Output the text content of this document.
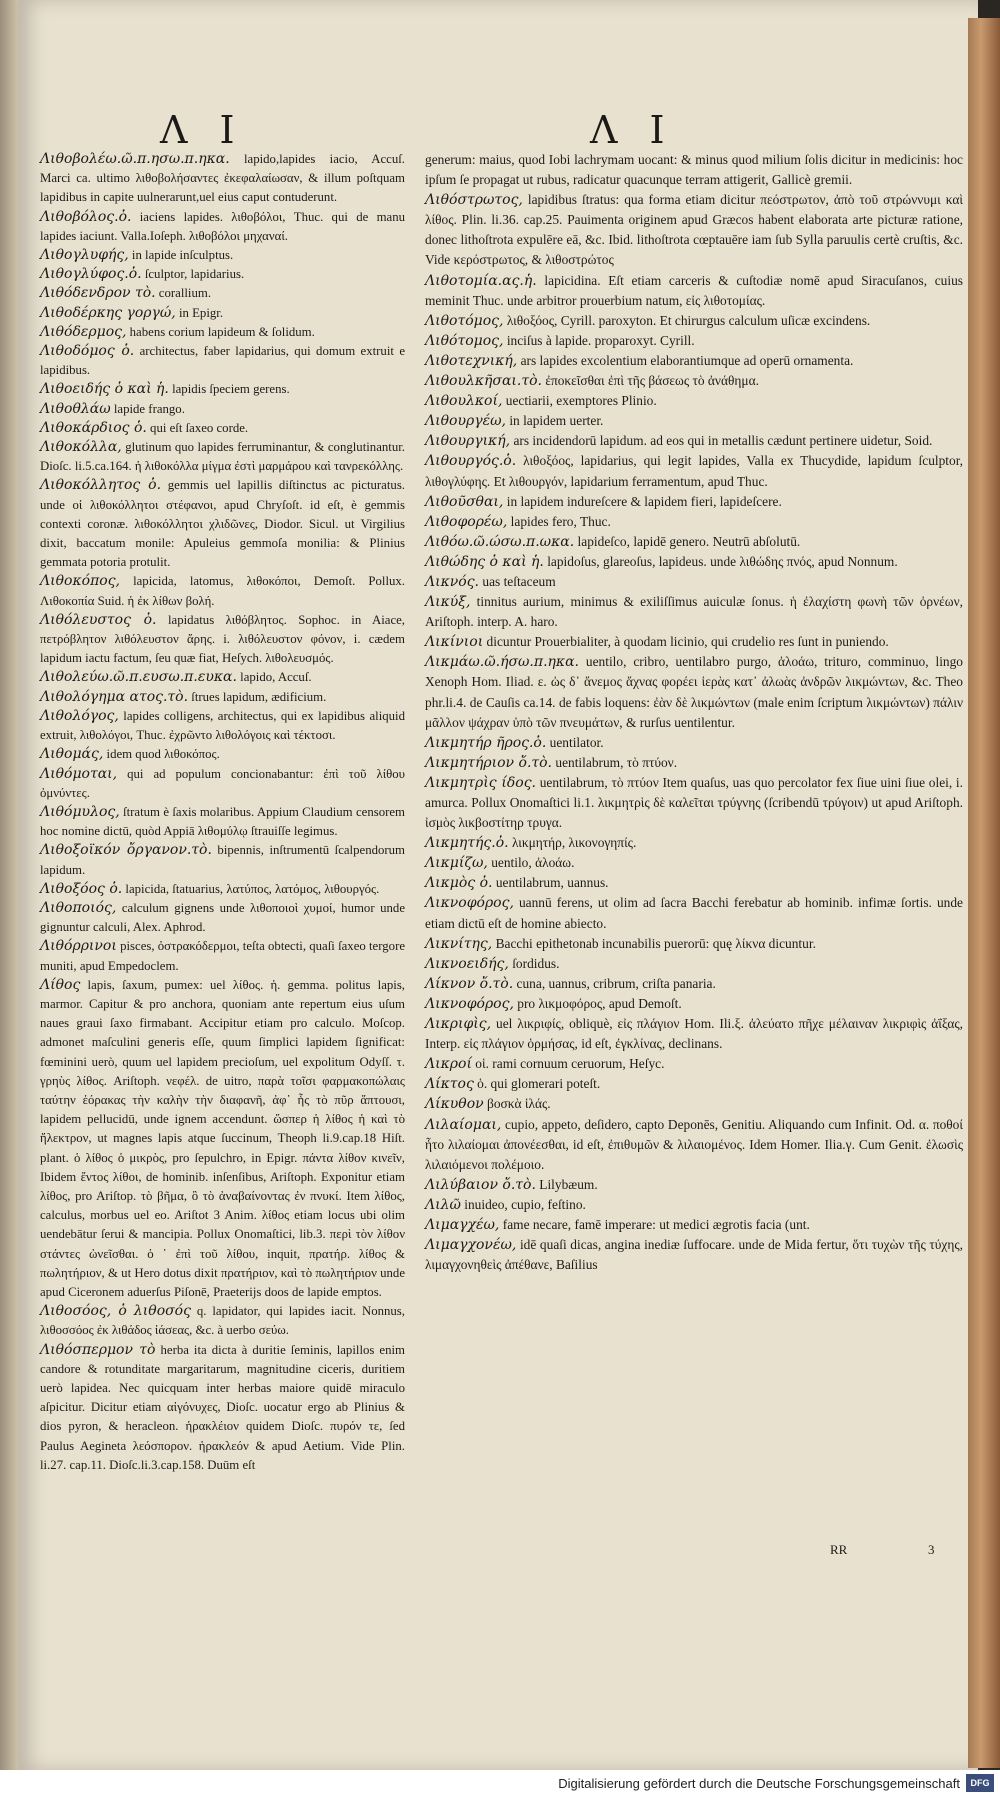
Λ Ι	Λ Ι

Λιθοβολέω.ῶ.π.ησω.π.ηκα. lapido,lapides iacio, Accuſ. Marci ca. ultimo λιθοβολήσαντες ἐκεφαλαίωσαν, & illum poſtquam lapidibus in capite uulnerarunt,uel eius caput contuderunt.

Λιθοβόλος.ὁ. iaciens lapides. λιθοβόλοι, Thuc. qui de manu lapides iaciunt. Valla.Ioſeph. λιθοβόλοι μηχαναί.

Λιθογλυφής, in lapide inſculptus.

Λιθογλύφος.ὁ. ſculptor, lapidarius.

Λιθόδενδρον τὸ. corallium.

Λιθοδέρκης γοργώ, in Epigr.

Λιθόδερμος, habens corium lapideum & ſolidum.

Λιθοδόμος ὁ. architectus, faber lapidarius, qui domum extruit e lapidibus.

Λιθοειδής ὁ καὶ ἡ. lapidis ſpeciem gerens.

Λιθοθλάω lapide frango.

Λιθοκάρδιος ὁ. qui eſt ſaxeo corde.

Λιθοκόλλα, glutinum quo lapides ferruminantur, & conglutinantur. Dioſc. li.5.ca.164. ἡ λιθοκόλλα μίγμα ἐστὶ μαρμάρου καὶ τανρεκόλλης.

Λιθοκόλλητος ὁ. gemmis uel lapillis diſtinctus ac picturatus. unde οἱ λιθοκόλλητοι στέφανοι, apud Chryſoſt. id eſt, è gemmis contexti coronæ. λιθοκόλλητοι χλιδῶνες, Diodor. Sicul. ut Virgilius dixit, baccatum monile: Apuleius gemmoſa monilia: & Plinius gemmata potoria protulit.

Λιθοκόπος, lapicida, latomus, λιθοκόποι, Demoſt. Pollux. Λιθοκοπία Suid. ἡ ἐκ λίθων βολή.

Λιθόλευστος ὁ. lapidatus λιθόβλητος. Sophoc. in Aiace, πετρόβλητον λιθόλευστον ἄρης. i. λιθόλευστον φόνον, i. cædem lapidum iactu factum, ſeu quæ fiat, Heſych. λιθολευσμός.

Λιθολεύω.ῶ.π.ευσω.π.ευκα. lapido, Accuſ.

Λιθολόγημα ατος.τὸ. ſtrues lapidum, ædificium.

Λιθολόγος, lapides colligens, architectus, qui ex lapidibus aliquid extruit, λιθολόγοι, Thuc. ἐχρῶντο λιθολόγοις καὶ τέκτοσι.

Λιθομάς, idem quod λιθοκόπος.

Λιθόμοται, qui ad populum concionabantur: ἐπὶ τοῦ λίθου ὀμνύντες.

Λιθόμυλος, ſtratum è ſaxis molaribus. Appium Claudium censorem hoc nomine dictū, quòd Appiā λιθομύλῳ ſtrauiſſe legimus.

Λιθοξοϊκόν ὄργανον.τὸ. bipennis, inſtrumentū ſcalpendorum lapidum.

Λιθοξόος ὁ. lapicida, ſtatuarius, λατύπος, λατόμος, λιθουργός.

Λιθοποιός, calculum gignens unde λιθοποιοὶ χυμοί, humor unde gignuntur calculi, Alex. Aphrod.

Λιθόρρινοι pisces, ὀστρακόδερμοι, teſta obtecti, quaſi ſaxeo tergore muniti, apud Empedoclem.

Λίθος lapis, ſaxum, pumex: uel λίθος. ἡ. gemma. politus lapis, marmor. Capitur & pro anchora, quoniam ante repertum eius uſum naues graui ſaxo firmabant. Accipitur etiam pro calculo. Moſcop. admonet maſculini generis eſſe, quum ſimplici lapidem ſignificat: fœminini uerò, quum uel lapidem precioſum, uel expolitum Odyſſ. τ. γρηὺς λίθος. Ariſtoph. νεφέλ. de uitro, παρὰ τοῖσι φαρμακοπώλαις ταύτην ἑόρακας τὴν καλὴν τὴν διαφανῆ, ἀφ᾽ ἧς τὸ πῦρ ἅπτουσι, lapidem pellucidū, unde ignem accendunt. ὥσπερ ἡ λίθος ἡ καὶ τὸ ἤλεκτρον, ut magnes lapis atque ſuccinum, Theoph li.9.cap.18 Hiſt. plant. ὁ λίθος ὁ μικρὸς, pro ſepulchro, in Epigr. πάντα λίθον κινεῖν, Ibidem ἔντος λίθοι, de hominib. inſenſibus, Ariſtoph. Exponitur etiam λίθος, pro Ariſtop. τὸ βῆμα, ὃ τὸ ἀναβαίνοντας ἐν πνυκί. Item λίθος, calculus, morbus uel eo. Ariſtot 3 Anim. λίθος etiam locus ubi olim uendebātur ſerui & mancipia. Pollux Onomaſtici, lib.3. περὶ τὸν λίθον στάντες ὠνεῖσθαι. ὁ ᾽ ἐπὶ τοῦ λίθου, inquit, πρατήρ. λίθος & πωλητήριον, & ut Hero dotus dixit πρατήριον, καὶ τὸ πωλητήριον unde apud Ciceronem aduerſus Piſonē, Praeterijs doos de lapide emptos.

Λιθοσόος, ὁ λιθοσός q. lapidator, qui lapides iacit. Nonnus, λιθοσσόος ἐκ λιθάδος ἰάσεας, &c. à uerbo σεύω.

Λιθόσπερμον τὸ herba ita dicta à duritie ſeminis, lapillos enim candore & rotunditate margaritarum, magnitudine ciceris, duritiem uerò lapidea. Nec quicquam inter herbas maiore quidē miraculo aſpicitur. Dicitur etiam αἰγόνυχες, Dioſc. uocatur ergo ab Plinius & dios pyron, & heracleon. ἡρακλέιον quidem Dioſc. πυρόν τε, ſed Paulus Aegineta λεόσπορον. ἡρακλεόν & apud Aetium. Vide Plin. li.27. cap.11. Dioſc.li.3.cap.158. Duūm eſt

generum: maius, quod Iobi lachrymam uocant: & minus quod milium ſolis dicitur in medicinis: hoc ipſum ſe propagat ut rubus, radicatur quacunque terram attigerit, Gallicè gremii.

Λιθόστρωτος, lapidibus ſtratus: qua forma etiam dicitur πεόστρωτον, ἀπὸ τοῦ στρώννυμι καὶ λίθος. Plin. li.36. cap.25. Pauimenta originem apud Græcos habent elaborata arte picturæ ratione, donec lithoſtrota expulēre eā, &c. Ibid. lithoſtrota cœptauēre iam ſub Sylla paruulis certè cruſtis, &c. Vide κερόστρωτος, & λιθοστρώτος

Λιθοτομία.ας.ἡ. lapicidina. Eſt etiam carceris & cuſtodiæ nomē apud Siracuſanos, cuius meminit Thuc. unde arbitror prouerbium natum, εἰς λιθοτομίας.

Λιθοτόμος, λιθοξόος, Cyrill. paroxyton. Et chirurgus calculum uſicæ excindens.

Λιθότομος, inciſus à lapide. proparoxyt. Cyrill.

Λιθοτεχνική, ars lapides excolentium elaborantiumque ad operū ornamenta.

Λιθουλκῆσαι.τὸ. ἐποκεῖσθαι ἐπὶ τῆς βάσεως τὸ ἀνάθημα.

Λιθουλκοί, uectiarii, exemptores Plinio.

Λιθουργέω, in lapidem uerter.

Λιθουργική, ars incidendorū lapidum. ad eos qui in metallis cædunt pertinere uidetur, Soid.

Λιθουργός.ὁ. λιθοξόος, lapidarius, qui legit lapides, Valla ex Thucydide, lapidum ſculptor, λιθογλύφης. Et λιθουργόν, lapidarium ferramentum, apud Thuc.

Λιθοῦσθαι, in lapidem indureſcere & lapidem fieri, lapideſcere.

Λιθοφορέω, lapides fero, Thuc.

Λιθόω.ῶ.ώσω.π.ωκα. lapideſco, lapidē genero. Neutrū abſolutū.

Λιθώδης ὁ καὶ ἡ. lapidoſus, glareoſus, lapideus. unde λιθώδης πνός, apud Nonnum.

Λικνός. uas teſtaceum

Λικύξ, tinnitus aurium, minimus & exiliſſimus auiculæ ſonus. ἡ ἐλαχίστη φωνὴ τῶν ὀρνέων, Ariſtoph. interp. A. haro.

Λικίνιοι dicuntur Prouerbialiter, à quodam licinio, qui crudelio res ſunt in puniendo.

Λικμάω.ῶ.ήσω.π.ηκα. uentilo, cribro, uentilabro purgo, ἀλοάω, trituro, comminuo, lingo Xenoph Hom. Iliad. ε. ὡς δ᾽ ἄνεμος ἄχνας φορέει ἱερὰς κατ᾽ ἀλωὰς ἀνδρῶν λικμώντων, &c. Theo phr.li.4. de Cauſis ca.14. de fabis loquens: ἐὰν δὲ λικμώντων (male enim ſcriptum λικμώντων) πάλιν μᾶλλον ψάχραν ὑπὸ τῶν πνευμάτων, & rurſus uentilentur.

Λικμητήρ ῆρος.ὁ. uentilator.

Λικμητήριον ὄ.τὸ. uentilabrum, τὸ πτύον.

Λικμητρὶς ίδος. uentilabrum, τὸ πτύον Item quaſus, uas quo percolator fex ſiue uini ſiue olei, i. amurca. Pollux Onomaſtici li.1. λικμητρὶς δὲ καλεῖται τρύγνης (ſcribendū τρύγοιν) ut apud Ariſtoph. ἰσμὸς λικβοστίτηρ τρυγα.

Λικμητής.ὁ. λικμητήρ, λικονογηπίς.

Λικμίζω, uentilo, ἀλοάω.

Λικμὸς ὁ. uentilabrum, uannus.

Λικνοφόρος, uannū ferens, ut olim ad ſacra Bacchi ferebatur ab hominib. infimæ ſortis. unde etiam dictū eſt de homine abiecto.

Λικνίτης, Bacchi epithetonab incunabilis puerorū: quę λίκνα dicuntur.

Λικνοειδής, ſordidus.

Λίκνον ὄ.τὸ. cuna, uannus, cribrum, criſta panaria.

Λικνοφόρος, pro λικμοφόρος, apud Demoſt.

Λικριφὶς, uel λικριφίς, obliquè, εἰς πλάγιον Hom. Ili.ξ. ἀλεύατο πῆχε μέλαιναν λικριφὶς ἀΐξας, Interp. εἰς πλάγιον ὁρμήσας, id eſt, ἐγκλίνας, declinans.

Λικροί οἱ. rami cornuum ceruorum, Heſyc.

Λίκτος ὁ. qui glomerari poteſt.

Λίκυθον βοσκὰ ἱλάς.

Λιλαίομαι, cupio, appeto, deſidero, capto Deponēs, Genitiu. Aliquando cum Infinit. Od. α. ποθοί ἦτο λιλαίομαι ἀπονέεσθαι, id eſt, ἐπιθυμῶν & λιλαιομένος. Idem Homer. Ilia.γ. Cum Genit. ἐλωσὶς λιλαιόμενοι πολέμοιο.

Λιλύβαιον ὄ.τὸ. Lilybæum.

Λιλῶ inuideo, cupio, feſtino.

Λιμαγχέω, fame necare, famē imperare: ut medici ægrotis facia (unt.

Λιμαγχονέω, idē quaſi dicas, angina inediæ ſuffocare. unde de Mida fertur, ὅτι τυχὼν τῆς τύχης, λιμαγχονηθεὶς ἀπέθανε, Baſilius

RR	3
Digitalisierung gefördert durch die Deutsche Forschungsgemeinschaft	DFG
